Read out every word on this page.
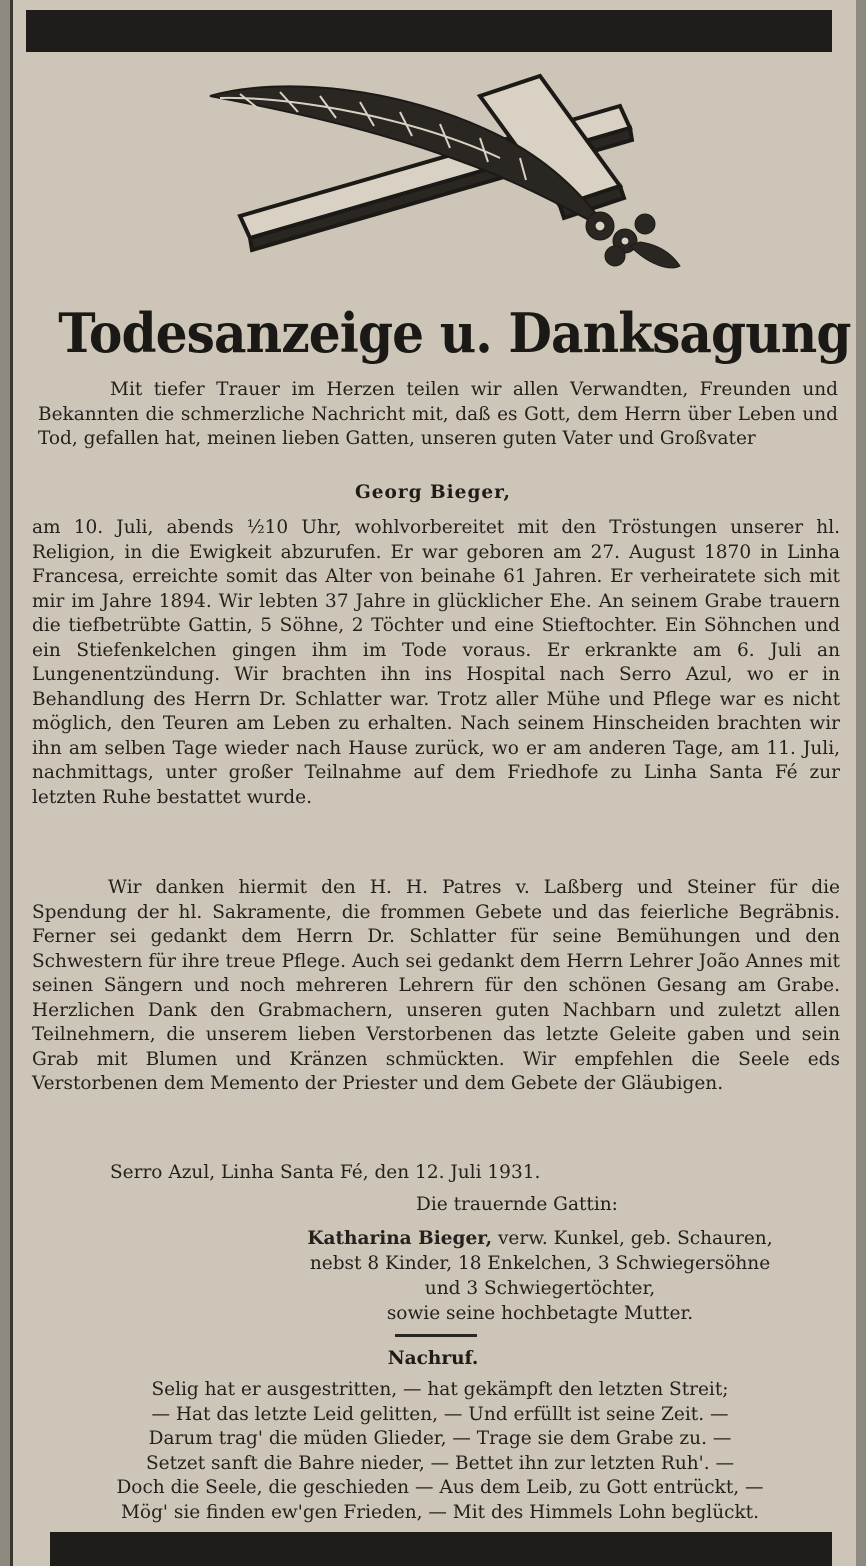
Todesanzeige u. Danksagung
Mit tiefer Trauer im Herzen teilen wir allen Verwandten, Freunden und Bekannten die schmerzliche Nachricht mit, daß es Gott, dem Herrn über Leben und Tod, gefallen hat, meinen lieben Gatten, unseren guten Vater und Großvater
Georg Bieger,
am 10. Juli, abends ½10 Uhr, wohlvorbereitet mit den Tröstungen unserer hl. Religion, in die Ewigkeit abzurufen. Er war geboren am 27. August 1870 in Linha Francesa, erreichte somit das Alter von beinahe 61 Jahren. Er verheiratete sich mit mir im Jahre 1894. Wir lebten 37 Jahre in glücklicher Ehe. An seinem Grabe trauern die tiefbetrübte Gattin, 5 Söhne, 2 Töchter und eine Stieftochter. Ein Söhnchen und ein Stiefenkelchen gingen ihm im Tode voraus. Er erkrankte am 6. Juli an Lungenentzündung. Wir brachten ihn ins Hospital nach Serro Azul, wo er in Behandlung des Herrn Dr. Schlatter war. Trotz aller Mühe und Pflege war es nicht möglich, den Teuren am Leben zu erhalten. Nach seinem Hinscheiden brachten wir ihn am selben Tage wieder nach Hause zurück, wo er am anderen Tage, am 11. Juli, nachmittags, unter großer Teilnahme auf dem Friedhofe zu Linha Santa Fé zur letzten Ruhe bestattet wurde.
Wir danken hiermit den H. H. Patres v. Laßberg und Steiner für die Spendung der hl. Sakramente, die frommen Gebete und das feierliche Begräbnis. Ferner sei gedankt dem Herrn Dr. Schlatter für seine Bemühungen und den Schwestern für ihre treue Pflege. Auch sei gedankt dem Herrn Lehrer João Annes mit seinen Sängern und noch mehreren Lehrern für den schönen Gesang am Grabe. Herzlichen Dank den Grabmachern, unseren guten Nachbarn und zuletzt allen Teilnehmern, die unserem lieben Verstorbenen das letzte Geleite gaben und sein Grab mit Blumen und Kränzen schmückten. Wir empfehlen die Seele eds Verstorbenen dem Memento der Priester und dem Gebete der Gläubigen.
Serro Azul, Linha Santa Fé, den 12. Juli 1931.
Die trauernde Gattin:
Katharina Bieger, verw. Kunkel, geb. Schauren,
nebst 8 Kinder, 18 Enkelchen, 3 Schwiegersöhne
und 3 Schwiegertöchter,
sowie seine hochbetagte Mutter.
Nachruf.
Selig hat er ausgestritten, — hat gekämpft den letzten Streit;
— Hat das letzte Leid gelitten, — Und erfüllt ist seine Zeit. —
Darum trag' die müden Glieder, — Trage sie dem Grabe zu. —
Setzet sanft die Bahre nieder, — Bettet ihn zur letzten Ruh'. —
Doch die Seele, die geschieden — Aus dem Leib, zu Gott entrückt, —
Mög' sie finden ew'gen Frieden, — Mit des Himmels Lohn beglückt.
